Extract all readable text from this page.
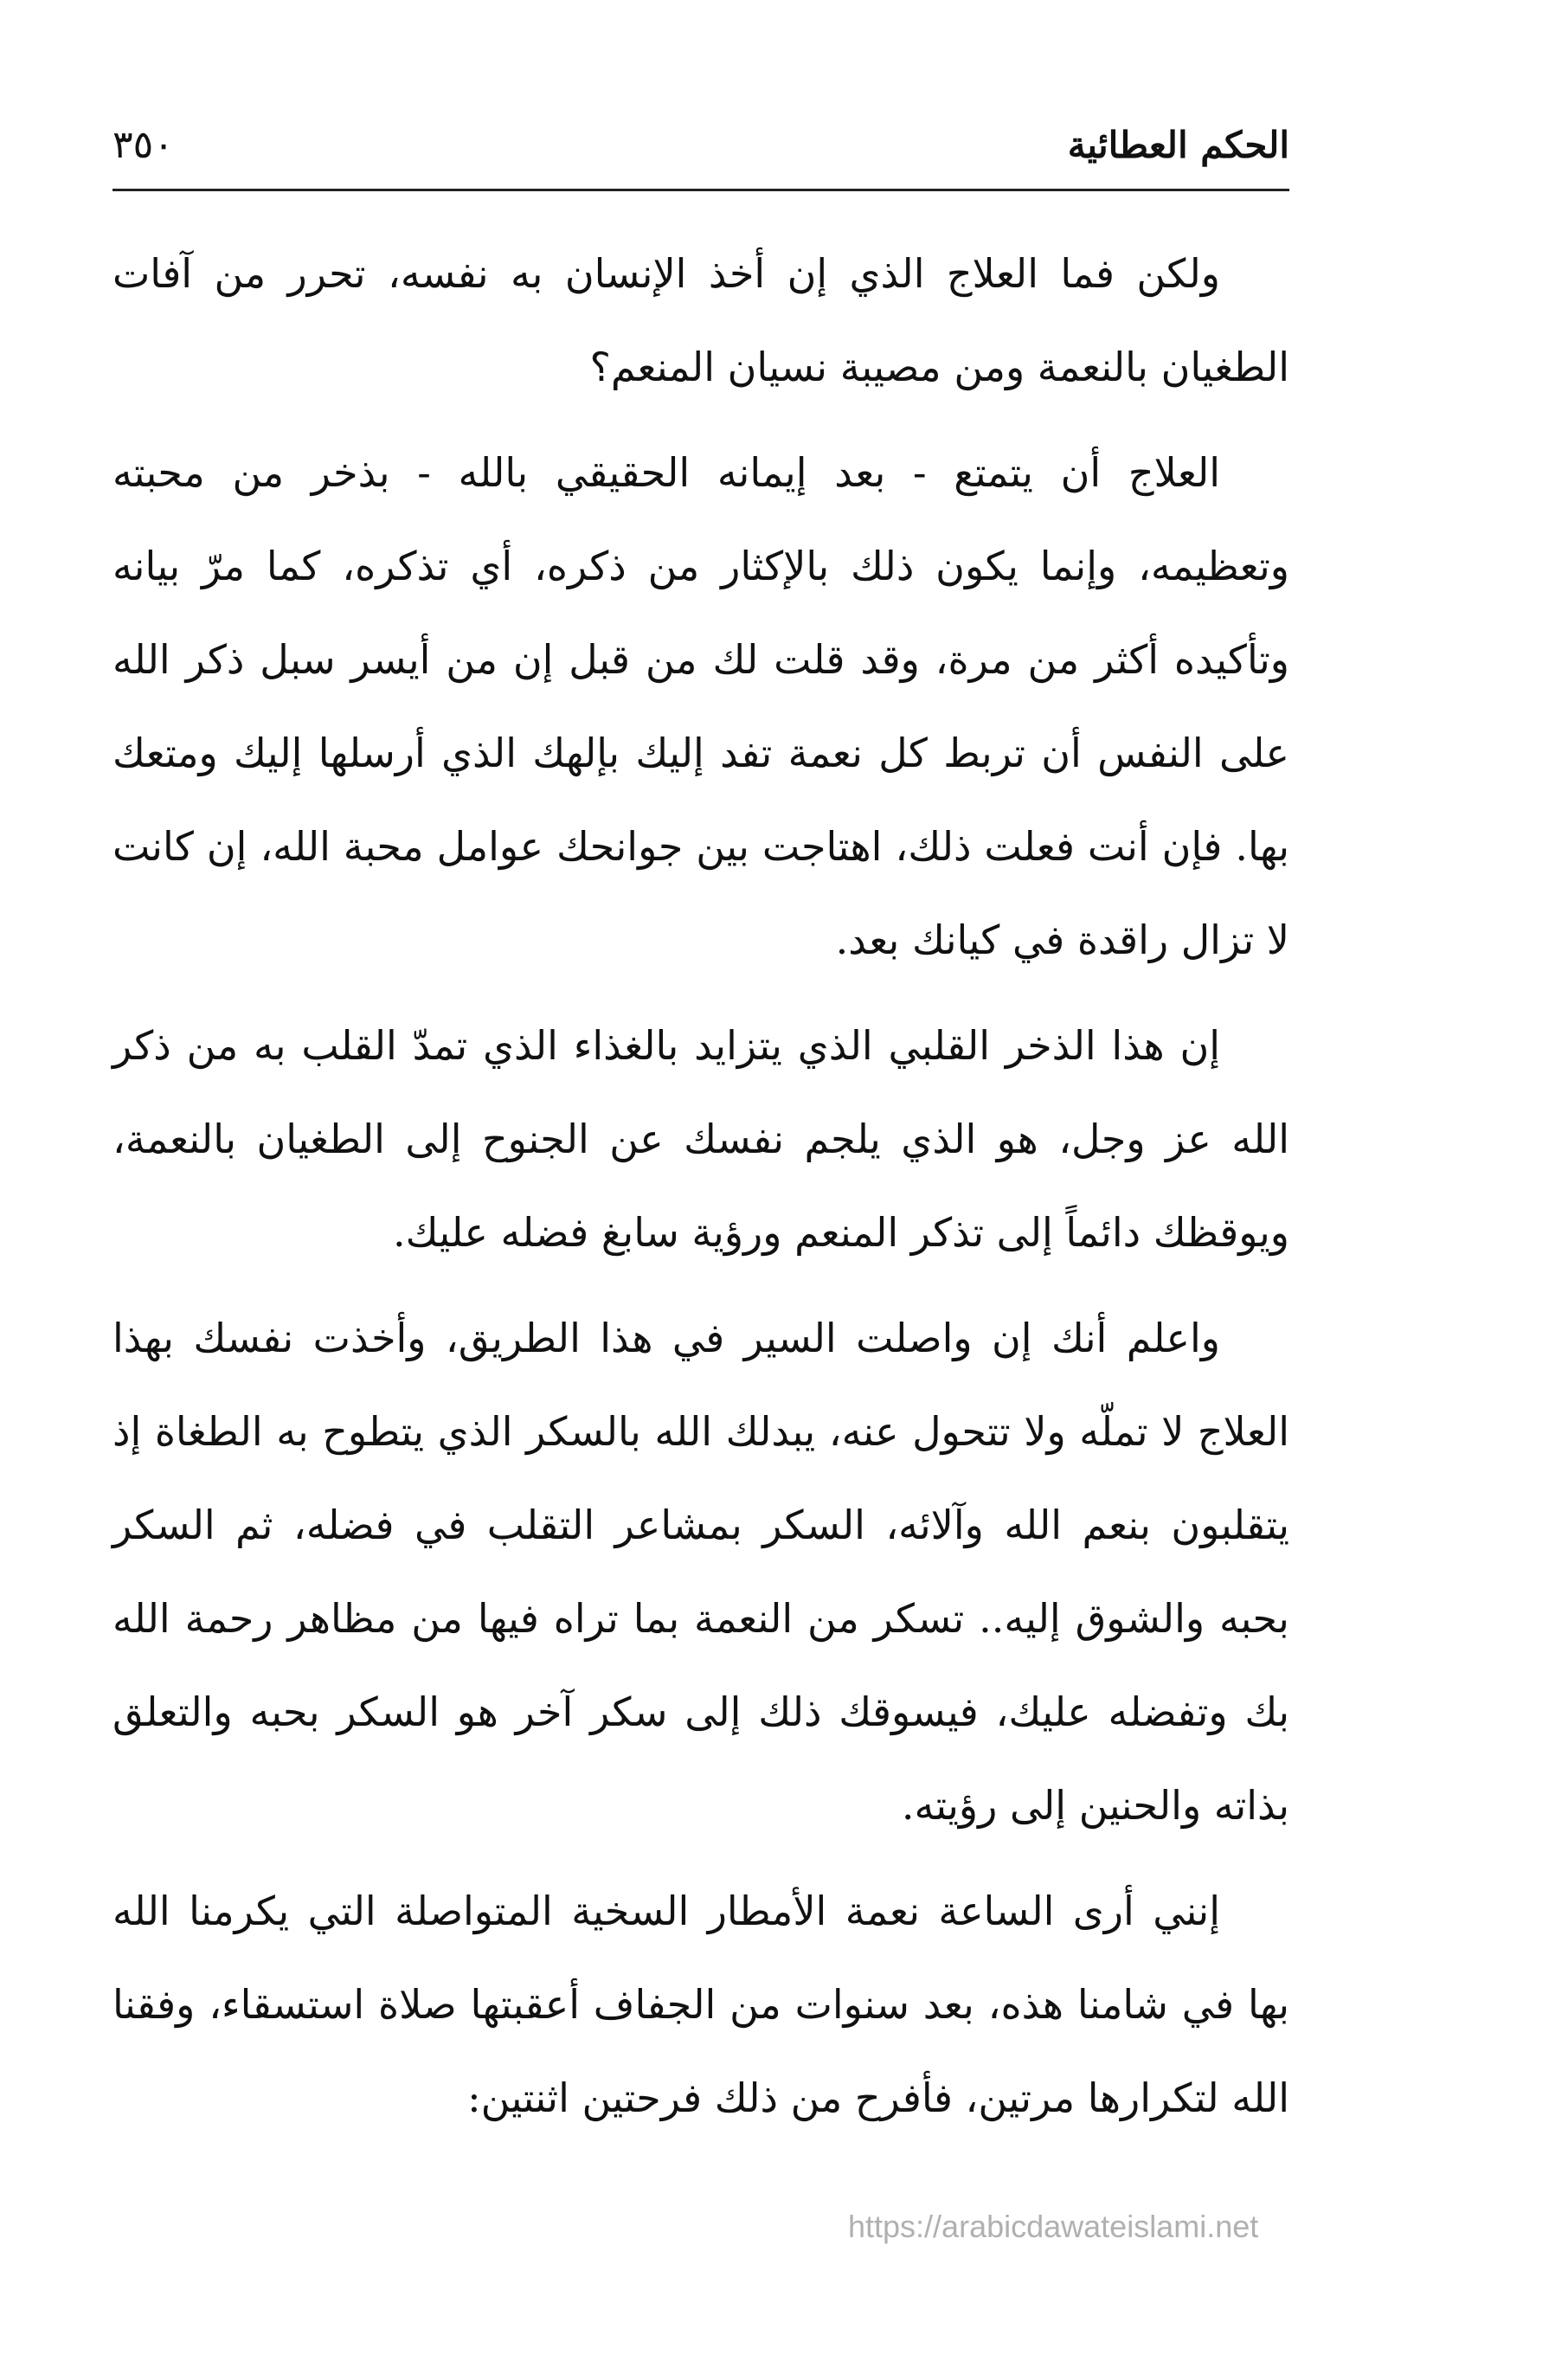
الحكم العطائية
٣٥٠

ولكن فما العلاج الذي إن أخذ الإنسان به نفسه، تحرر من آفات الطغيان بالنعمة ومن مصيبة نسيان المنعم؟

العلاج أن يتمتع - بعد إيمانه الحقيقي بالله - بذخر من محبته وتعظيمه، وإنما يكون ذلك بالإكثار من ذكره، أي تذكره، كما مرّ بيانه وتأكيده أكثر من مرة، وقد قلت لك من قبل إن من أيسر سبل ذكر الله على النفس أن تربط كل نعمة تفد إليك بإلهك الذي أرسلها إليك ومتعك بها. فإن أنت فعلت ذلك، اهتاجت بين جوانحك عوامل محبة الله، إن كانت لا تزال راقدة في كيانك بعد.

إن هذا الذخر القلبي الذي يتزايد بالغذاء الذي تمدّ القلب به من ذكر الله عز وجل، هو الذي يلجم نفسك عن الجنوح إلى الطغيان بالنعمة، ويوقظك دائماً إلى تذكر المنعم ورؤية سابغ فضله عليك.

واعلم أنك إن واصلت السير في هذا الطريق، وأخذت نفسك بهذا العلاج لا تملّه ولا تتحول عنه، يبدلك الله بالسكر الذي يتطوح به الطغاة إذ يتقلبون بنعم الله وآلائه، السكر بمشاعر التقلب في فضله، ثم السكر بحبه والشوق إليه.. تسكر من النعمة بما تراه فيها من مظاهر رحمة الله بك وتفضله عليك، فيسوقك ذلك إلى سكر آخر هو السكر بحبه والتعلق بذاته والحنين إلى رؤيته.

إنني أرى الساعة نعمة الأمطار السخية المتواصلة التي يكرمنا الله بها في شامنا هذه، بعد سنوات من الجفاف أعقبتها صلاة استسقاء، وفقنا الله لتكرارها مرتين، فأفرح من ذلك فرحتين اثنتين:

https://arabicdawateislami.net
